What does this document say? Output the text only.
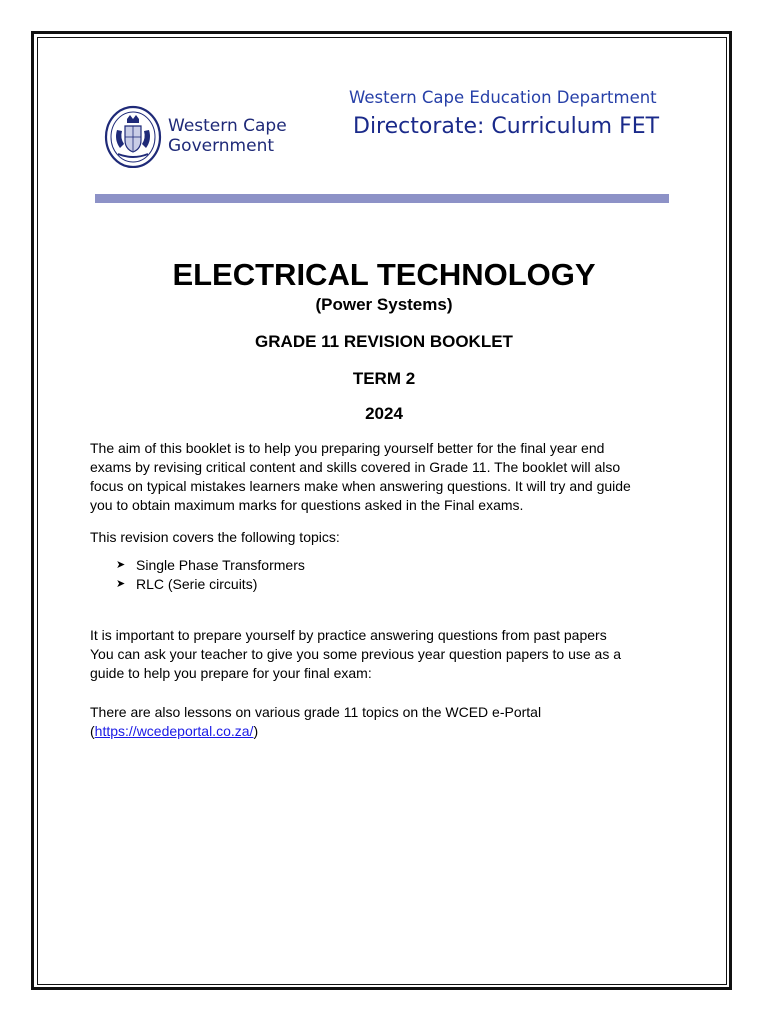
Western Cape
Government
Western Cape Education Department
Directorate: Curriculum FET
ELECTRICAL TECHNOLOGY
(Power Systems)
GRADE 11 REVISION BOOKLET
TERM 2
2024
The aim of this booklet is to help you preparing yourself better for the final year end
exams by revising critical content and skills covered in Grade 11. The booklet will also
focus on typical mistakes learners make when answering questions. It will try and guide
you to obtain maximum marks for questions asked in the Final exams.
This revision covers the following topics:
➤ Single Phase Transformers
➤ RLC (Serie circuits)
It is important to prepare yourself by practice answering questions from past papers
You can ask your teacher to give you some previous year question papers to use as a
guide to help you prepare for your final exam:
There are also lessons on various grade 11 topics on the WCED e-Portal
(https://wcedeportal.co.za/)
